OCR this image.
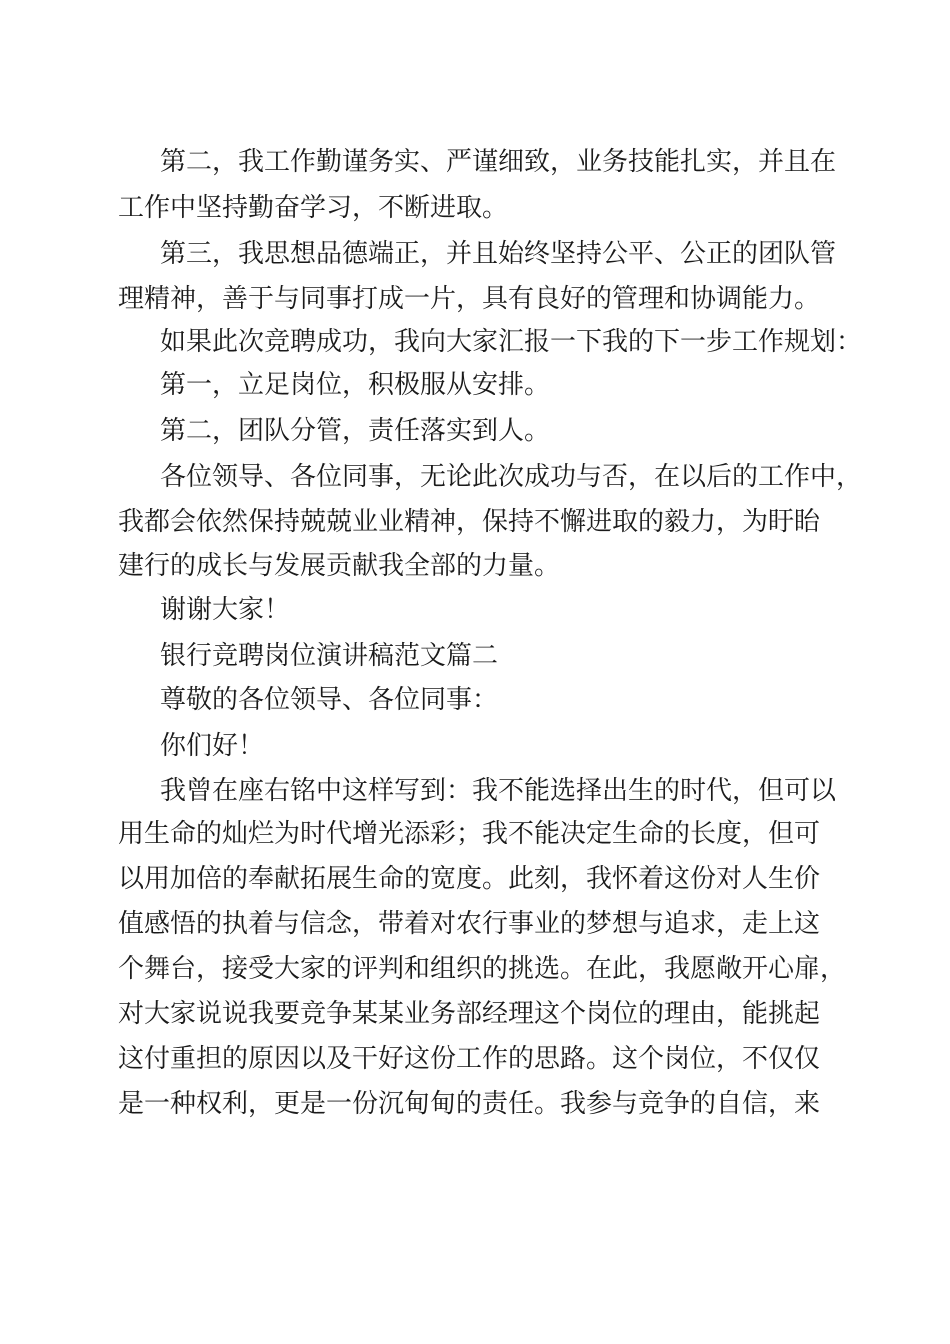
第二，我工作勤谨务实、严谨细致，业务技能扎实，并且在
工作中坚持勤奋学习，不断进取。
第三，我思想品德端正，并且始终坚持公平、公正的团队管
理精神，善于与同事打成一片，具有良好的管理和协调能力。
如果此次竞聘成功，我向大家汇报一下我的下一步工作规划：
第一，立足岗位，积极服从安排。
第二，团队分管，责任落实到人。
各位领导、各位同事，无论此次成功与否，在以后的工作中，
我都会依然保持兢兢业业精神，保持不懈进取的毅力，为盱眙
建行的成长与发展贡献我全部的力量。
谢谢大家！
银行竞聘岗位演讲稿范文篇二
尊敬的各位领导、各位同事：
你们好！
我曾在座右铭中这样写到：我不能选择出生的时代，但可以
用生命的灿烂为时代增光添彩；我不能决定生命的长度，但可
以用加倍的奉献拓展生命的宽度。此刻，我怀着这份对人生价
值感悟的执着与信念，带着对农行事业的梦想与追求，走上这
个舞台，接受大家的评判和组织的挑选。在此，我愿敞开心扉，
对大家说说我要竞争某某业务部经理这个岗位的理由，能挑起
这付重担的原因以及干好这份工作的思路。这个岗位，不仅仅
是一种权利，更是一份沉甸甸的责任。我参与竞争的自信，来
